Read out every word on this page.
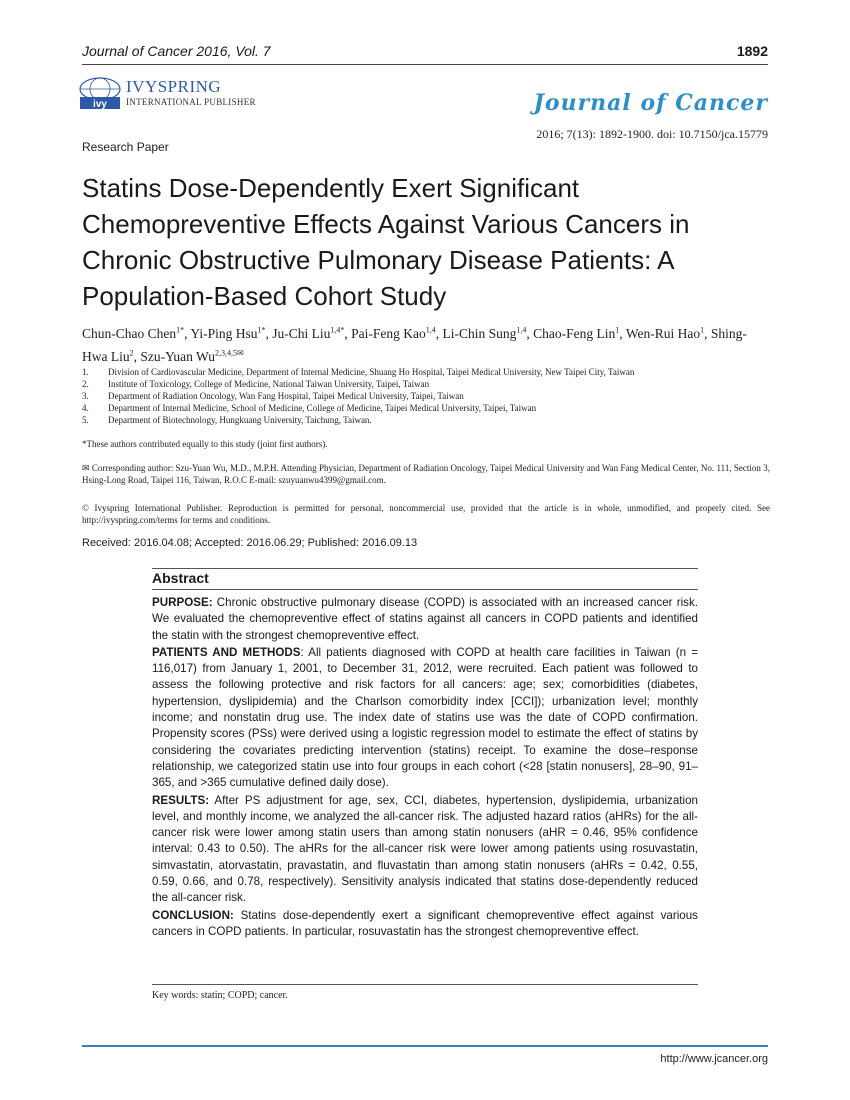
Journal of Cancer 2016, Vol. 7	1892
ivy
IVYSPRING
INTERNATIONAL PUBLISHER	Journal of Cancer
2016; 7(13): 1892-1900. doi: 10.7150/jca.15779
Research Paper
Statins Dose-Dependently Exert Significant Chemopreventive Effects Against Various Cancers in Chronic Obstructive Pulmonary Disease Patients: A Population-Based Cohort Study
Chun-Chao Chen$^{1*}$, Yi-Ping Hsu$^{1*}$, Ju-Chi Liu$^{1,4*}$, Pai-Feng Kao$^{1,4}$, Li-Chin Sung$^{1,4}$, Chao-Feng Lin$^1$, Wen-Rui Hao$^1$, Shing-Hwa Liu$^2$, Szu-Yuan $Wu^{2,3,4,5✉}$
1. Division of Cardiovascular Medicine, Department of Internal Medicine, Shuang Ho Hospital, Taipei Medical University, New Taipei City, Taiwan
2. Institute of Toxicology, College of Medicine, National Taiwan University, Taipei, Taiwan
3. Department of Radiation Oncology, Wan Fang Hospital, Taipei Medical University, Taipei, Taiwan
4. Department of Internal Medicine, School of Medicine, College of Medicine, Taipei Medical University, Taipei, Taiwan
5. Department of Biotechnology, Hungkuang University, Taichung, Taiwan.
*These authors contributed equally to this study (joint first authors).
✉ Corresponding author: Szu-Yuan Wu, M.D., M.P.H. Attending Physician, Department of Radiation Oncology, Taipei Medical University and Wan Fang Medical Center, No. 111, Section 3, Hsing-Long Road, Taipei 116, Taiwan, R.O.C E-mail: szuyuanwu4399@gmail.com.
© Ivyspring International Publisher. Reproduction is permitted for personal, noncommercial use, provided that the article is in whole, unmodified, and properly cited. See http://ivyspring.com/terms for terms and conditions.
Received: 2016.04.08; Accepted: 2016.06.29; Published: 2016.09.13
Abstract

PURPOSE: Chronic obstructive pulmonary disease (COPD) is associated with an increased cancer risk. We evaluated the chemopreventive effect of statins against all cancers in COPD patients and identified the statin with the strongest chemopreventive effect.

PATIENTS AND METHODS: All patients diagnosed with COPD at health care facilities in Taiwan (n = 116,017) from January 1, 2001, to December 31, 2012, were recruited. Each patient was followed to assess the following protective and risk factors for all cancers: age; sex; comorbidities (diabetes, hypertension, dyslipidemia) and the Charlson comorbidity index [CCI]); urbanization level; monthly income; and nonstatin drug use. The index date of statins use was the date of COPD confirmation. Propensity scores (PSs) were derived using a logistic regression model to estimate the effect of statins by considering the covariates predicting intervention (statins) receipt. To examine the dose–response relationship, we categorized statin use into four groups in each cohort (<28 [statin nonusers], 28–90, 91–365, and >365 cumulative defined daily dose).

RESULTS: After PS adjustment for age, sex, CCI, diabetes, hypertension, dyslipidemia, urbanization level, and monthly income, we analyzed the all-cancer risk. The adjusted hazard ratios (aHRs) for the all-cancer risk were lower among statin users than among statin nonusers (aHR = 0.46, 95% confidence interval: 0.43 to 0.50). The aHRs for the all-cancer risk were lower among patients using rosuvastatin, simvastatin, atorvastatin, pravastatin, and fluvastatin than among statin nonusers (aHRs = 0.42, 0.55, 0.59, 0.66, and 0.78, respectively). Sensitivity analysis indicated that statins dose-dependently reduced the all-cancer risk.

CONCLUSION: Statins dose-dependently exert a significant chemopreventive effect against various cancers in COPD patients. In particular, rosuvastatin has the strongest chemopreventive effect.

Key words: statin; COPD; cancer.
http://www.jcancer.org
